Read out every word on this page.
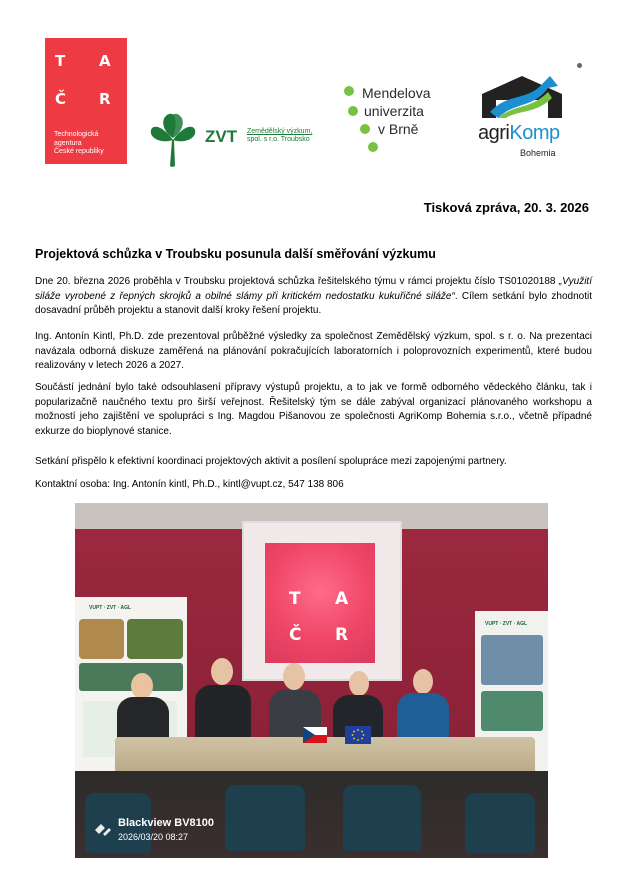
T A
Č R
Technologická
agentura
České republiky
ZVT Zemědělský výzkum,
spol. s r.o. Troubsko
Mendelova
univerzita
v Brně	agriKomp
Bohemia
Tisková zpráva, 20. 3. 2026
Projektová schůzka v Troubsku posunula další směřování výzkumu

Dne 20. března 2026 proběhla v Troubsku projektová schůzka řešitelského týmu v rámci projektu číslo TS01020188 „Využití siláže vyrobené z řepných skrojků a obilné slámy při kritickém nedostatku kukuřičné siláže“. Cílem setkání bylo zhodnotit dosavadní průběh projektu a stanovit další kroky řešení projektu.

Ing. Antonín Kintl, Ph.D. zde prezentoval průběžné výsledky za společnost Zemědělský výzkum, spol. s r. o. Na prezentaci navázala odborná diskuze zaměřená na plánování pokračujících laboratorních i poloprovozních experimentů, které budou realizovány v letech 2026 a 2027.

Součástí jednání bylo také odsouhlasení přípravy výstupů projektu, a to jak ve formě odborného vědeckého článku, tak i popularizačně naučného textu pro širší veřejnost. Řešitelský tým se dále zabýval organizací plánovaného workshopu a možností jeho zajištění ve spolupráci s Ing. Magdou Pišanovou ze společnosti AgriKomp Bohemia s.r.o., včetně případné exkurze do bioplynové stanice.

Setkání přispělo k efektivní koordinaci projektových aktivit a posílení spolupráce mezi zapojenými partnery.

Kontaktní osoba: Ing. Antonín kintl, Ph.D., kintl@vupt.cz, 547 138 806

T A
Č R
VUPT · ZVT · AGL
VUPT · ZVT · AGL
Blackview BV8100
2026/03/20 08:27
